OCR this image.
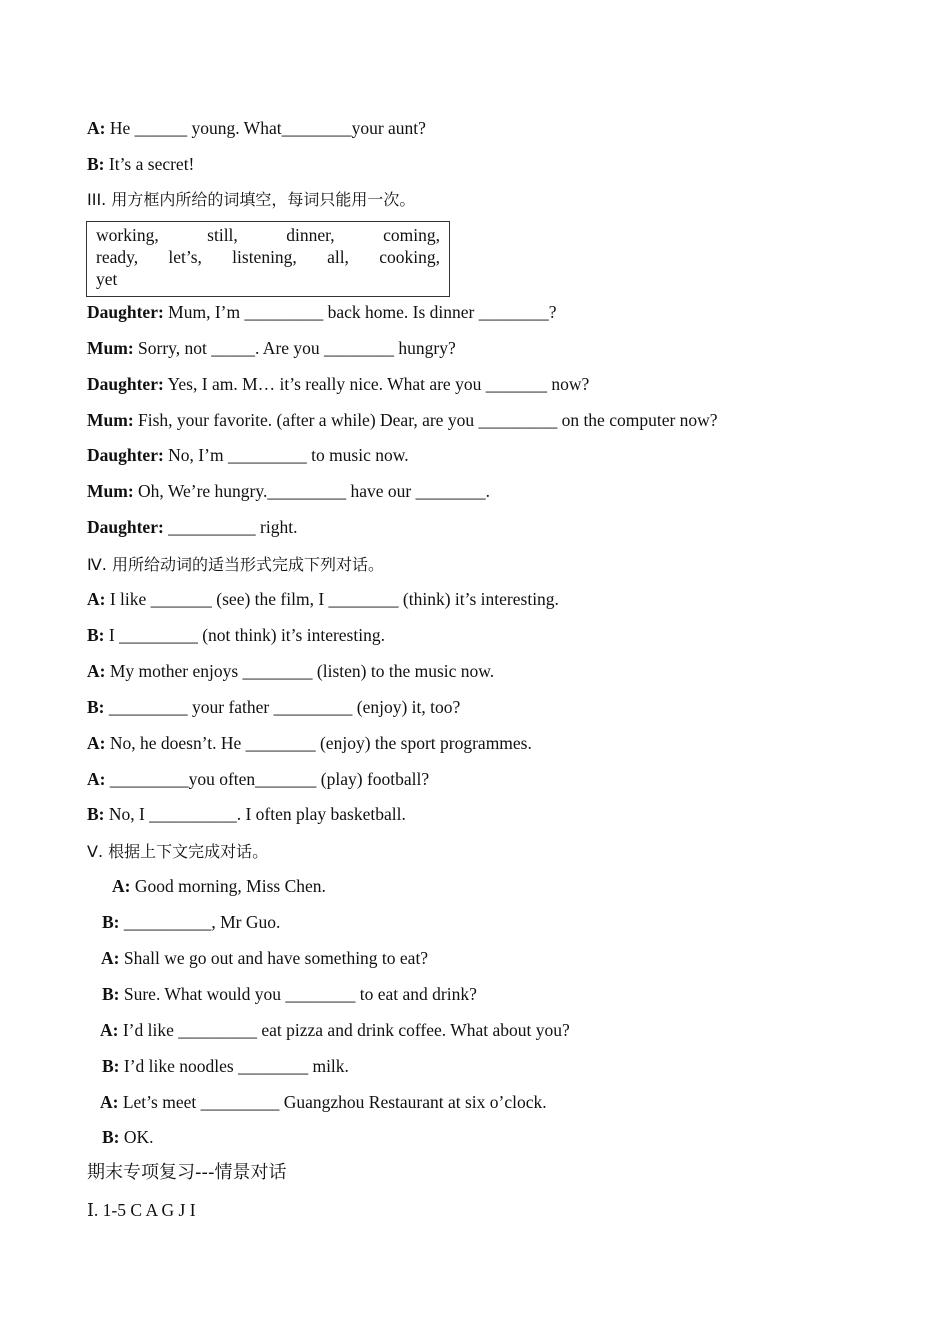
A: He ______ young. What________your aunt?
B: It’s a secret!
III. 用方框内所给的词填空，每词只能用一次。
working,	still,	dinner,	coming,
ready, let’s, listening, all, cooking,
yet
Daughter: Mum, I’m _________ back home. Is dinner ________?
Mum: Sorry, not _____. Are you ________ hungry?
Daughter: Yes, I am. M… it’s really nice. What are you _______ now?
Mum: Fish, your favorite. (after a while) Dear, are you _________ on the computer now?
Daughter: No, I’m _________ to music now.
Mum: Oh, We’re hungry._________ have our ________.
Daughter: __________ right.
Ⅳ. 用所给动词的适当形式完成下列对话。
A: I like _______ (see) the film, I ________ (think) it’s interesting.
B: I _________ (not think) it’s interesting.
A: My mother enjoys ________ (listen) to the music now.
B: _________ your father _________ (enjoy) it, too?
A: No, he doesn’t. He ________ (enjoy) the sport programmes.
A: _________you often_______ (play) football?
B: No, I __________. I often play basketball.
Ⅴ. 根据上下文完成对话。
A: Good morning, Miss Chen.
B: __________, Mr Guo.
A: Shall we go out and have something to eat?
B: Sure. What would you ________ to eat and drink?
A: I’d like _________ eat pizza and drink coffee. What about you?
B: I’d like noodles ________ milk.
A: Let’s meet _________ Guangzhou Restaurant at six o’clock.
B: OK.
期末专项复习---情景对话
Ⅰ. 1-5 C A G J I
